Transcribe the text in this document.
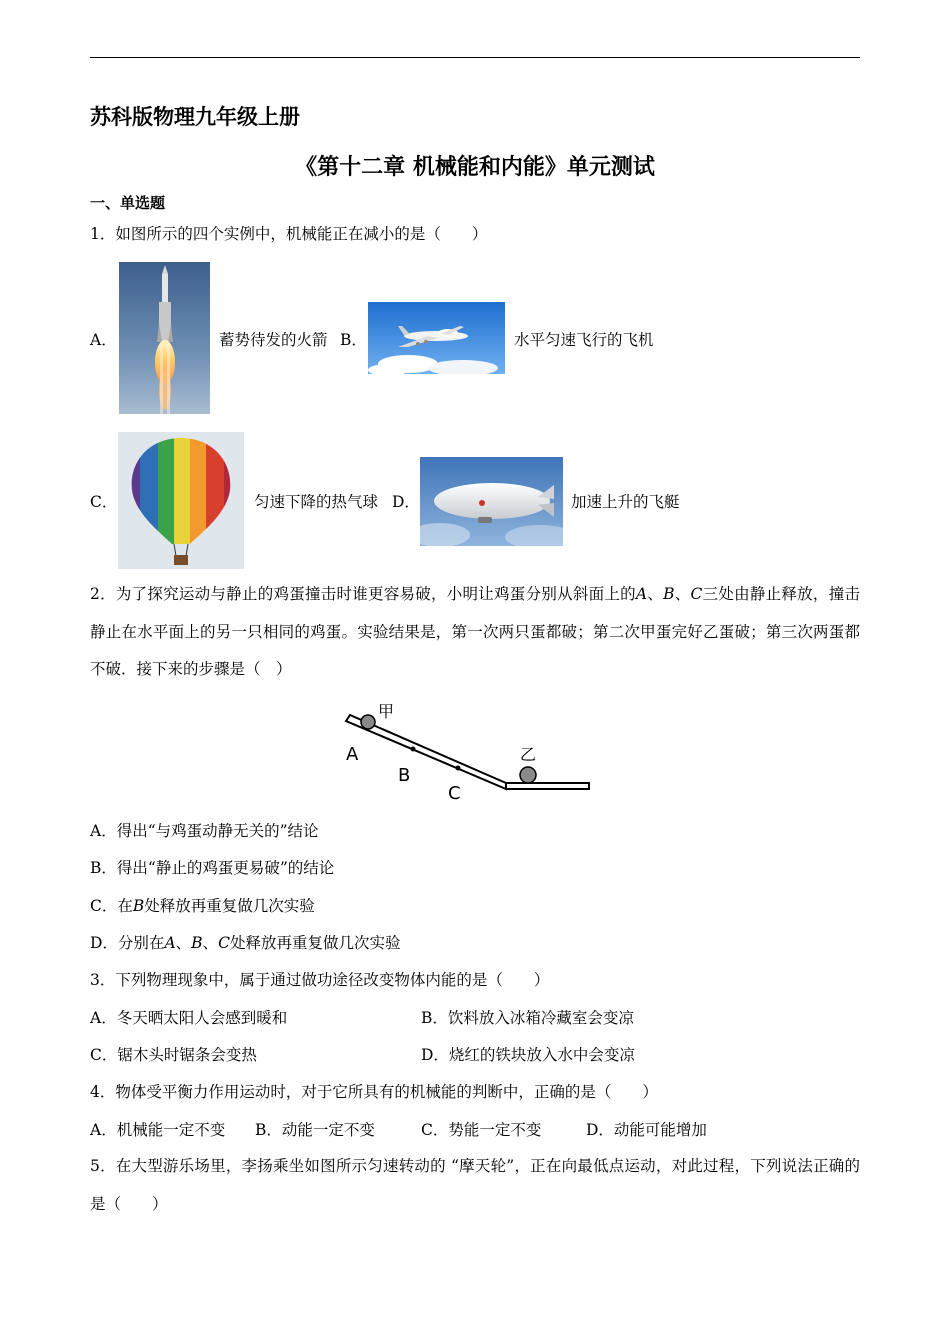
苏科版物理九年级上册
《第十二章 机械能和内能》单元测试
一、单选题
1．如图所示的四个实例中，机械能正在减小的是（　　）
A．	蓄势待发的火箭 B．	水平匀速飞行的飞机
C．	匀速下降的热气球 D．	加速上升的飞艇
2．为了探究运动与静止的鸡蛋撞击时谁更容易破，小明让鸡蛋分别从斜面上的A、B、C三处由静止释放，撞击静止在水平面上的另一只相同的鸡蛋。实验结果是，第一次两只蛋都破；第二次甲蛋完好乙蛋破；第三次两蛋都不破．接下来的步骤是（　）
甲
A
B
C
乙
A．得出“与鸡蛋动静无关的”结论
B．得出“静止的鸡蛋更易破”的结论
C．在B处释放再重复做几次实验
D．分别在A、B、C处释放再重复做几次实验
3．下列物理现象中，属于通过做功途径改变物体内能的是（　　）
A．冬天晒太阳人会感到暖和	B．饮料放入冰箱冷藏室会变凉
C．锯木头时锯条会变热	D．烧红的铁块放入水中会变凉
4．物体受平衡力作用运动时，对于它所具有的机械能的判断中，正确的是（　　）
A．机械能一定不变 B．动能一定不变	C．势能一定不变	D．动能可能增加
5．在大型游乐场里，李扬乘坐如图所示匀速转动的 “摩天轮”，正在向最低点运动，对此过程，下列说法正确的是（　　）
